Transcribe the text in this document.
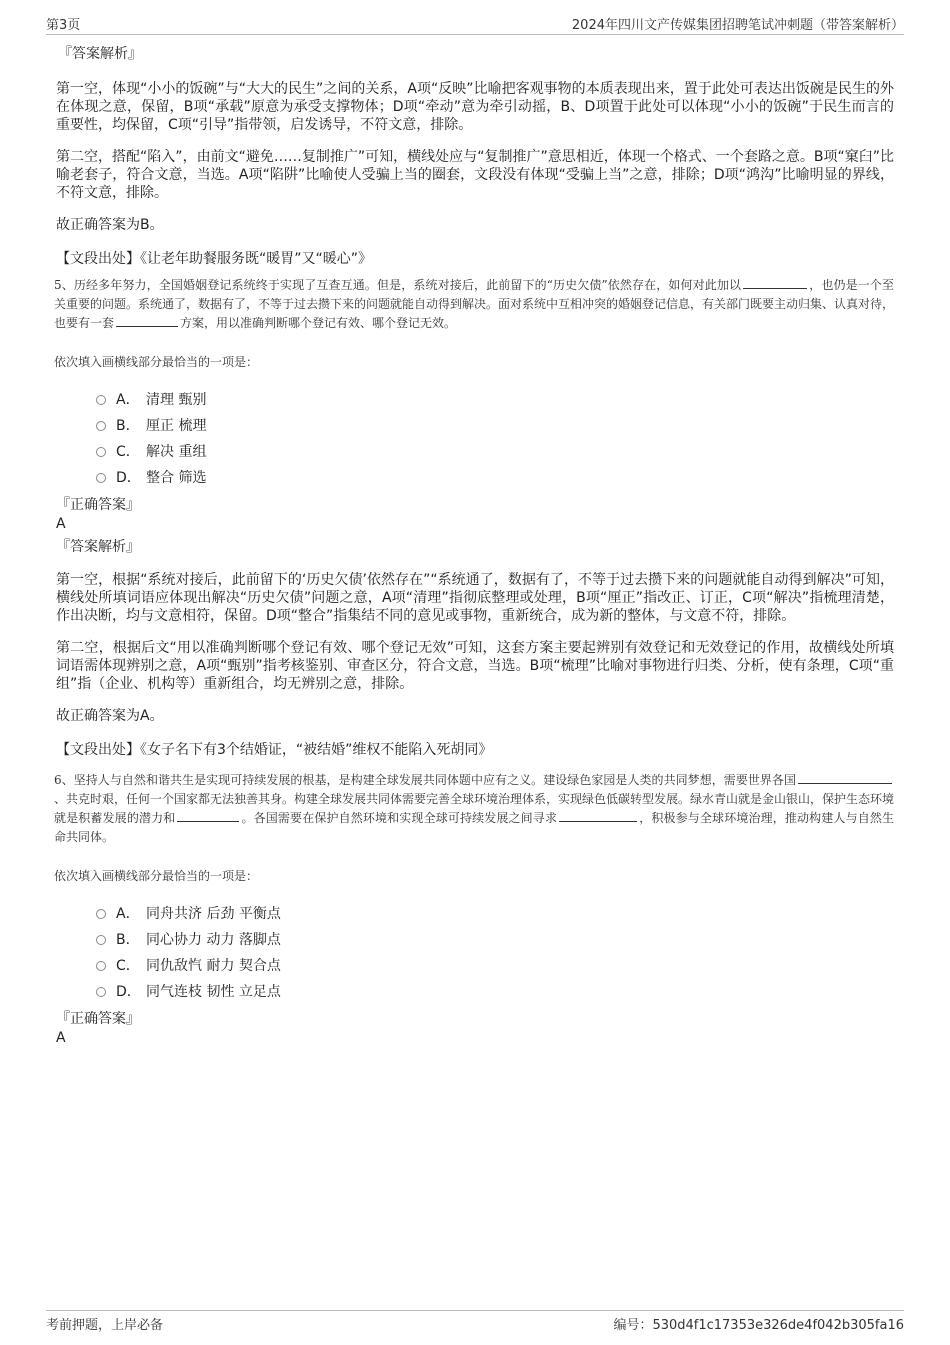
第3页	2024年四川文产传媒集团招聘笔试冲刺题（带答案解析）

『答案解析』

第一空，体现“小小的饭碗”与“大大的民生”之间的关系，A项“反映”比喻把客观事物的本质表现出来，置于此处可表达出饭碗是民生的外在体现之意，保留，B项“承载”原意为承受支撑物体；D项“牵动”意为牵引动摇，B、D项置于此处可以体现“小小的饭碗”于民生而言的重要性，均保留，C项“引导”指带领，启发诱导，不符文意，排除。

第二空，搭配“陷入”，由前文“避免……复制推广”可知，横线处应与“复制推广”意思相近，体现一个格式、一个套路之意。B项“窠臼”比喻老套子，符合文意，当选。A项“陷阱”比喻使人受骗上当的圈套，文段没有体现“受骗上当”之意，排除；D项“鸿沟”比喻明显的界线，不符文意，排除。

故正确答案为B。

【文段出处】《让老年助餐服务既“暖胃”又“暖心”》

5、历经多年努力，全国婚姻登记系统终于实现了互查互通。但是，系统对接后，此前留下的“历史欠债”依然存在，如何对此加以	，也仍是一个至关重要的问题。系统通了，数据有了，不等于过去攒下来的问题就能自动得到解决。面对系统中互相冲突的婚姻登记信息，有关部门既要主动归集、认真对待，也要有一套	方案，用以准确判断哪个登记有效、哪个登记无效。

依次填入画横线部分最恰当的一项是：

A． 清理 甄别
B． 厘正 梳理
C． 解决 重组
D． 整合 筛选

『正确答案』

A

『答案解析』

第一空，根据“系统对接后，此前留下的‘历史欠债’依然存在”“系统通了，数据有了，不等于过去攒下来的问题就能自动得到解决”可知，横线处所填词语应体现出解决“历史欠债”问题之意，A项“清理”指彻底整理或处理，B项“厘正”指改正、订正，C项“解决”指梳理清楚，作出决断，均与文意相符，保留。D项“整合”指集结不同的意见或事物，重新统合，成为新的整体，与文意不符，排除。

第二空，根据后文“用以准确判断哪个登记有效、哪个登记无效”可知，这套方案主要起辨别有效登记和无效登记的作用，故横线处所填词语需体现辨别之意，A项“甄别”指考核鉴别、审查区分，符合文意，当选。B项“梳理”比喻对事物进行归类、分析，使有条理，C项“重组”指（企业、机构等）重新组合，均无辨别之意，排除。

故正确答案为A。

【文段出处】《女子名下有3个结婚证，“被结婚”维权不能陷入死胡同》

6、坚持人与自然和谐共生是实现可持续发展的根基，是构建全球发展共同体题中应有之义。建设绿色家园是人类的共同梦想，需要世界各国、共克时艰，任何一个国家都无法独善其身。构建全球发展共同体需要完善全球环境治理体系，实现绿色低碳转型发展。绿水青山就是金山银山，保护生态环境就是积蓄发展的潜力和	。各国需要在保护自然环境和实现全球可持续发展之间寻求	，积极参与全球环境治理，推动构建人与自然生命共同体。

依次填入画横线部分最恰当的一项是：

A． 同舟共济 后劲 平衡点
B． 同心协力 动力 落脚点
C． 同仇敌忾 耐力 契合点
D． 同气连枝 韧性 立足点

『正确答案』

A

考前押题，上岸必备	编号：530d4f1c17353e326de4f042b305fa16
